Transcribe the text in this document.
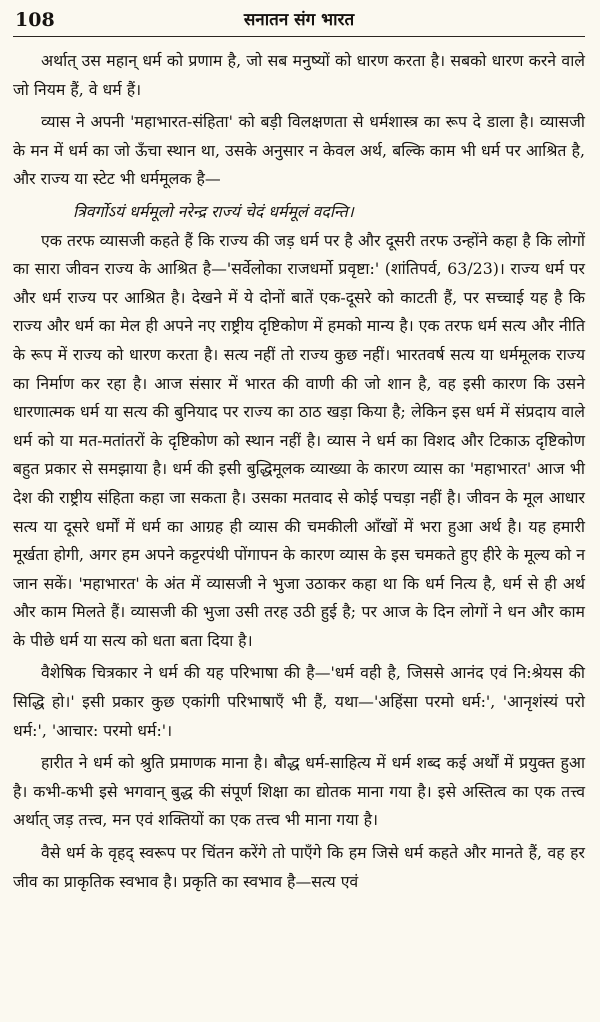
108	सनातन संग भारत

अर्थात् उस महान् धर्म को प्रणाम है, जो सब मनुष्यों को धारण करता है। सबको धारण करने वाले जो नियम हैं, वे धर्म हैं।

व्यास ने अपनी 'महाभारत-संहिता' को बड़ी विलक्षणता से धर्मशास्त्र का रूप दे डाला है। व्यासजी के मन में धर्म का जो ऊँचा स्थान था, उसके अनुसार न केवल अर्थ, बल्कि काम भी धर्म पर आश्रित है, और राज्य या स्टेट भी धर्ममूलक है—

त्रिवर्गोऽयं धर्ममूलो नरेन्द्र राज्यं चेदं धर्ममूलं वदन्ति।

एक तरफ व्यासजी कहते हैं कि राज्य की जड़ धर्म पर है और दूसरी तरफ उन्होंने कहा है कि लोगों का सारा जीवन राज्य के आश्रित है—'सर्वेलोका राजधर्मो प्रवृष्टा:' (शांतिपर्व, 63/23)। राज्य धर्म पर और धर्म राज्य पर आश्रित है। देखने में ये दोनों बातें एक-दूसरे को काटती हैं, पर सच्चाई यह है कि राज्य और धर्म का मेल ही अपने नए राष्ट्रीय दृष्टिकोण में हमको मान्य है। एक तरफ धर्म सत्य और नीति के रूप में राज्य को धारण करता है। सत्य नहीं तो राज्य कुछ नहीं। भारतवर्ष सत्य या धर्ममूलक राज्य का निर्माण कर रहा है। आज संसार में भारत की वाणी की जो शान है, वह इसी कारण कि उसने धारणात्मक धर्म या सत्य की बुनियाद पर राज्य का ठाठ खड़ा किया है; लेकिन इस धर्म में संप्रदाय वाले धर्म को या मत-मतांतरों के दृष्टिकोण को स्थान नहीं है। व्यास ने धर्म का विशद और टिकाऊ दृष्टिकोण बहुत प्रकार से समझाया है। धर्म की इसी बुद्धिमूलक व्याख्या के कारण व्यास का 'महाभारत' आज भी देश की राष्ट्रीय संहिता कहा जा सकता है। उसका मतवाद से कोई पचड़ा नहीं है। जीवन के मूल आधार सत्य या दूसरे धर्मों में धर्म का आग्रह ही व्यास की चमकीली आँखों में भरा हुआ अर्थ है। यह हमारी मूर्खता होगी, अगर हम अपने कट्टरपंथी पोंगापन के कारण व्यास के इस चमकते हुए हीरे के मूल्य को न जान सकें। 'महाभारत' के अंत में व्यासजी ने भुजा उठाकर कहा था कि धर्म नित्य है, धर्म से ही अर्थ और काम मिलते हैं। व्यासजी की भुजा उसी तरह उठी हुई है; पर आज के दिन लोगों ने धन और काम के पीछे धर्म या सत्य को धता बता दिया है।

वैशेषिक चित्रकार ने धर्म की यह परिभाषा की है—'धर्म वही है, जिससे आनंद एवं नि:श्रेयस की सिद्धि हो।' इसी प्रकार कुछ एकांगी परिभाषाएँ भी हैं, यथा—'अहिंसा परमो धर्म:', 'आनृशंस्यं परो धर्म:', 'आचार: परमो धर्म:'।

हारीत ने धर्म को श्रुति प्रमाणक माना है। बौद्ध धर्म-साहित्य में धर्म शब्द कई अर्थों में प्रयुक्त हुआ है। कभी-कभी इसे भगवान् बुद्ध की संपूर्ण शिक्षा का द्योतक माना गया है। इसे अस्तित्व का एक तत्त्व अर्थात् जड़ तत्त्व, मन एवं शक्तियों का एक तत्त्व भी माना गया है।

वैसे धर्म के वृहद् स्वरूप पर चिंतन करेंगे तो पाएँगे कि हम जिसे धर्म कहते और मानते हैं, वह हर जीव का प्राकृतिक स्वभाव है। प्रकृति का स्वभाव है—सत्य एवं
